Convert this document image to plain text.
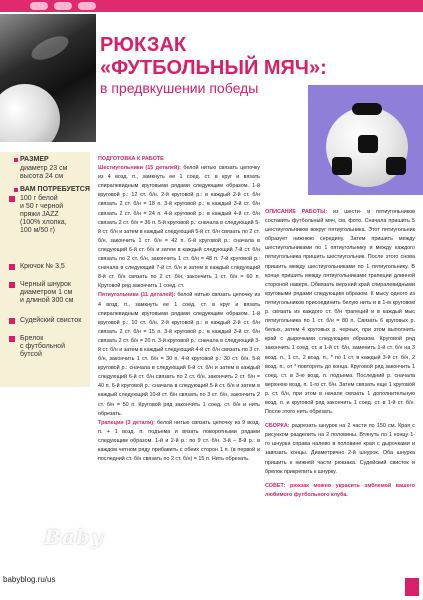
РЮКЗАК
«ФУТБОЛЬНЫЙ МЯЧ»:
в предвкушении победы
РАЗМЕР
диаметр 23 см
высота 24 см
ВАМ ПОТРЕБУЕТСЯ
100 г белой
и 50 г черной
пряжи JAZZ
(100% хлопка,
100 м/50 г)
Крючок № 3,5
Черный шнурок
диаметром 1 см
и длиной 300 см
Судейский свисток
Брелок
с футбольной
бутсой

ПОДГОТОВКА К РАБОТЕ

Шестиугольники (15 деталей): белой нитью связать цепочку из 4 возд. п., замкнуть ее 1 соед. ст. в круг и вязать спиралевидным круговыми рядами следующим образом. 1-й круговой р.: 12 ст. б/н. 2-й круговой р.: в каждый 2-й ст. б/н связать 2 ст. б/н = 18 п. 3-й круговой р.: в каждый 3-й ст. б/н связать 2 ст. б/н = 24 п. 4-й круговой р.: в каждый 4-й ст. б/н связать 2 ст. б/н = 36 п. 5-й круговой р.: сначала в следующий 5-й ст. б/н и затем в каждый следующий 5-й ст. б/н связать по 2 ст. б/н, закончить 1 ст. б/н = 42 п. 6-й круговой р.: сначала в следующий 6-й ст. б/н и затем в каждый следующий 7-й ст. б/н связать по 2 ст. б/н, закончить 1 ст. б/н = 48 п. 7-й круговой р.: сначала в следующий 7-й ст. б/н и затем в каждый следующий 8-й ст. б/н связать по 2 ст. б/н, закончить 1 ст. б/н = 60 п. Круговой ряд закончить 1 соед. ст.

Пятиугольники (11 деталей): белой нитью связать цепочку из 4 возд. п., замкнуть ее 1 соед. ст. в круг и вязать спиралевидным круговыми рядами следующим образом. 1-й круговой р.: 10 ст. б/н. 2-й круговой р.: в каждый 2-й ст. б/н связать 2 ст. б/н = 15 п. 3-й круговой р.: в каждый 3-й ст. б/н связать 2 ст. б/н = 20 п. 3-й круговой р.: сначала в следующий 3-й ст. б/н и затем в каждый следующий 4-й ст. б/н связать по 3 ст. б/н, закончить 1 ст. б/н = 30 п. 4-й круговой р.: 30 ст. б/н. 5-й круговой р.: сначала в следующий 6-й ст. б/н и затем в каждый следующий 6-й ст. б/н связать по 2 ст. б/н, закончить 2 ст. б/н = 40 п. 6-й круговой р.: сначала в следующий 5-й ст. б/н и затем в каждый следующий 10-й ст. б/н связать по 3 ст. б/н, закончить 2 ст. б/н = 50 п. Круговой ряд закончить 1 соед. ст. б/н и нить обрезать.

Трапеции (3 детали): белой нитью связать цепочку из 9 возд. п. + 1 возд. п. подъема и вязать поворотными рядами следующим образом. 1-й и 2-й р.: по 9 ст. б/н. 3-й – 8-й р.: в каждом четном ряду прибавить с обеих сторон 1 п. (в первой и последний ст. б/н связать по 2 ст. б/н) = 15 п. Нить обрезать.

ОПИСАНИЕ РАБОТЫ: из шести- и пятиугольников составить футбольный мяч, см. фото. Сначала пришить 5 шестиугольников вокруг пятиугольника. Этот пятиугольник образует нижнюю середину. Затем пришить между шестиугольниками по 1 пятиугольнику и между каждого пятиугольника пришить шестиугольник. После этого снова пришить между шестиугольниками по 1 пятиугольнику. В конце пришить между пятиугольниками трапеции длинной стороной наверх. Обвязать верхний край спиралевидными круговыми рядами следующим образом. К мысу одного из пятиугольников присоединить белую нить и в 1-м круговом р. связать из каждого ст. б/н трапеций и в каждый мыс пятиугольника по 1 ст. б/н = 80 п. Связать 6 круговых р. белых, затем 4 круговых р. черных, при этом выполнить край с дырочками следующим образом. Круговой ряд закончить 1 соед. ст. в 1-й ст. б/н, заменить 1-й ст. б/н на 3 возд. п., 1 ст., 2 возд. п., * по 1 ст. в каждый 3-й ст. б/н, 2 возд. п., от * повторять до конца. Круговой ряд закончить 1 соед. ст. в 3-ю возд. п. подъема. Последний р. сначала верхнюю возд. п. 1-го ст. б/н. Затем связать еще 1 круговой р. ст. б/н, при этом в начале связать 1 дополнительную возд. п. и круговой ряд закончить 1 соед. ст. в 1-й ст. б/н. После этого нить обрезать.

СБОРКА: разрезать шнурок на 2 части по 150 см. Края с рисунком разделить на 2 половины. Втянуть по 1 концу 1-го шнурка справа налево в половине края с дырочками и завязать концы. Диаметрично 2-й шнурок. Оба шнурка пришить к нижней части рюкзака. Судейский свисток и брелок прикрепить к шнурку.

СОВЕТ: рюкзак можно украсить эмблемой вашего любимого футбольного клуба.

Baby
babyblog.ru/us
